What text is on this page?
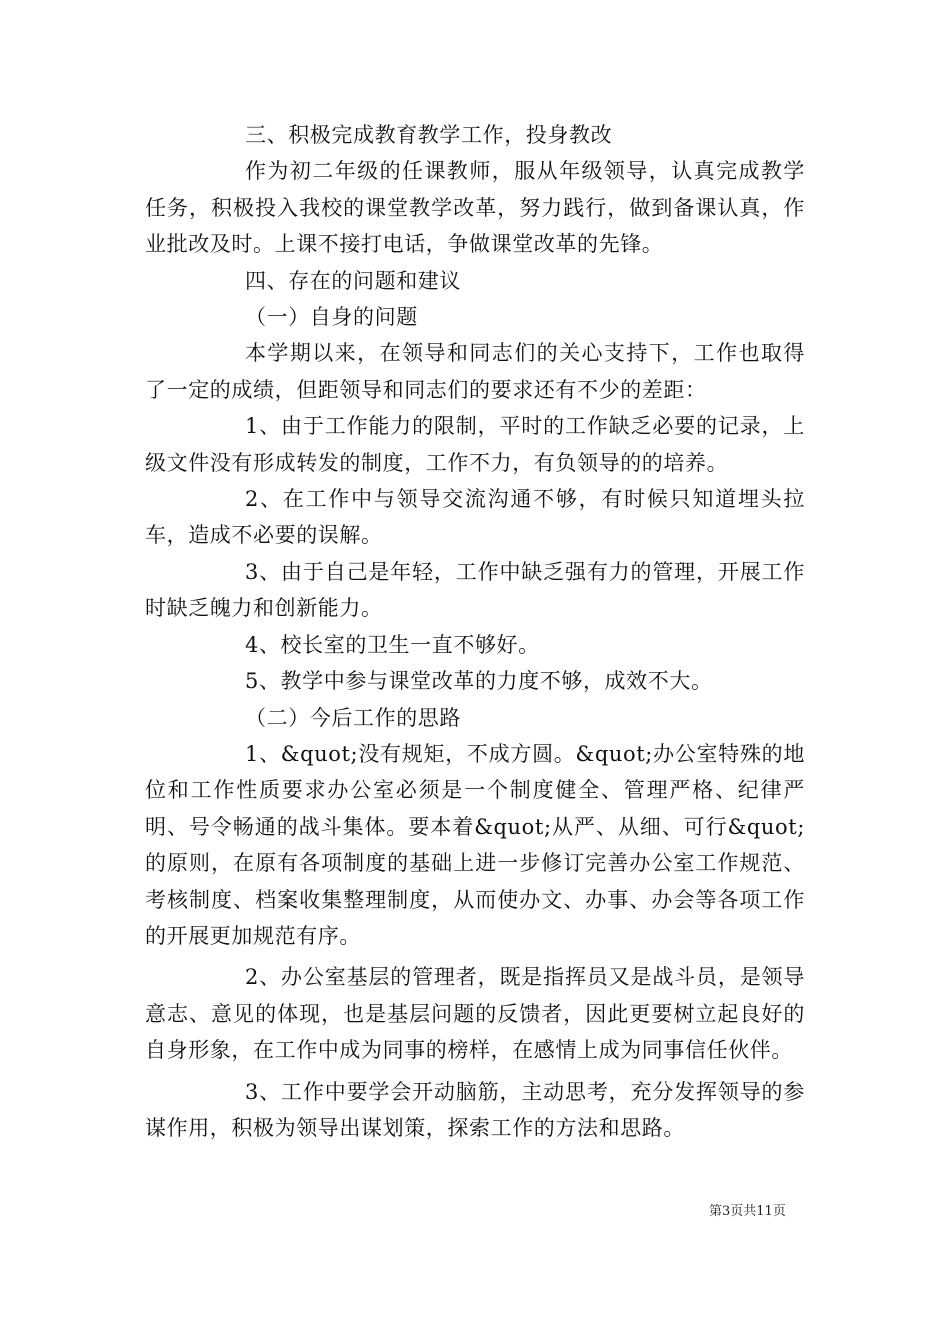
三、积极完成教育教学工作，投身教改

作为初二年级的任课教师，服从年级领导，认真完成教学任务，积极投入我校的课堂教学改革，努力践行，做到备课认真，作业批改及时。上课不接打电话，争做课堂改革的先锋。

四、存在的问题和建议

（一）自身的问题

本学期以来，在领导和同志们的关心支持下，工作也取得了一定的成绩，但距领导和同志们的要求还有不少的差距：

1、由于工作能力的限制，平时的工作缺乏必要的记录，上级文件没有形成转发的制度，工作不力，有负领导的的培养。

2、在工作中与领导交流沟通不够，有时候只知道埋头拉车，造成不必要的误解。

3、由于自己是年轻，工作中缺乏强有力的管理，开展工作时缺乏魄力和创新能力。

4、校长室的卫生一直不够好。

5、教学中参与课堂改革的力度不够，成效不大。

（二）今后工作的思路

1、&quot;没有规矩，不成方圆。&quot;办公室特殊的地位和工作性质要求办公室必须是一个制度健全、管理严格、纪律严明、号令畅通的战斗集体。要本着&quot;从严、从细、可行&quot;的原则，在原有各项制度的基础上进一步修订完善办公室工作规范、考核制度、档案收集整理制度，从而使办文、办事、办会等各项工作的开展更加规范有序。

2、办公室基层的管理者，既是指挥员又是战斗员，是领导意志、意见的体现，也是基层问题的反馈者，因此更要树立起良好的自身形象，在工作中成为同事的榜样，在感情上成为同事信任伙伴。

3、工作中要学会开动脑筋，主动思考，充分发挥领导的参谋作用，积极为领导出谋划策，探索工作的方法和思路。

第3页共11页
